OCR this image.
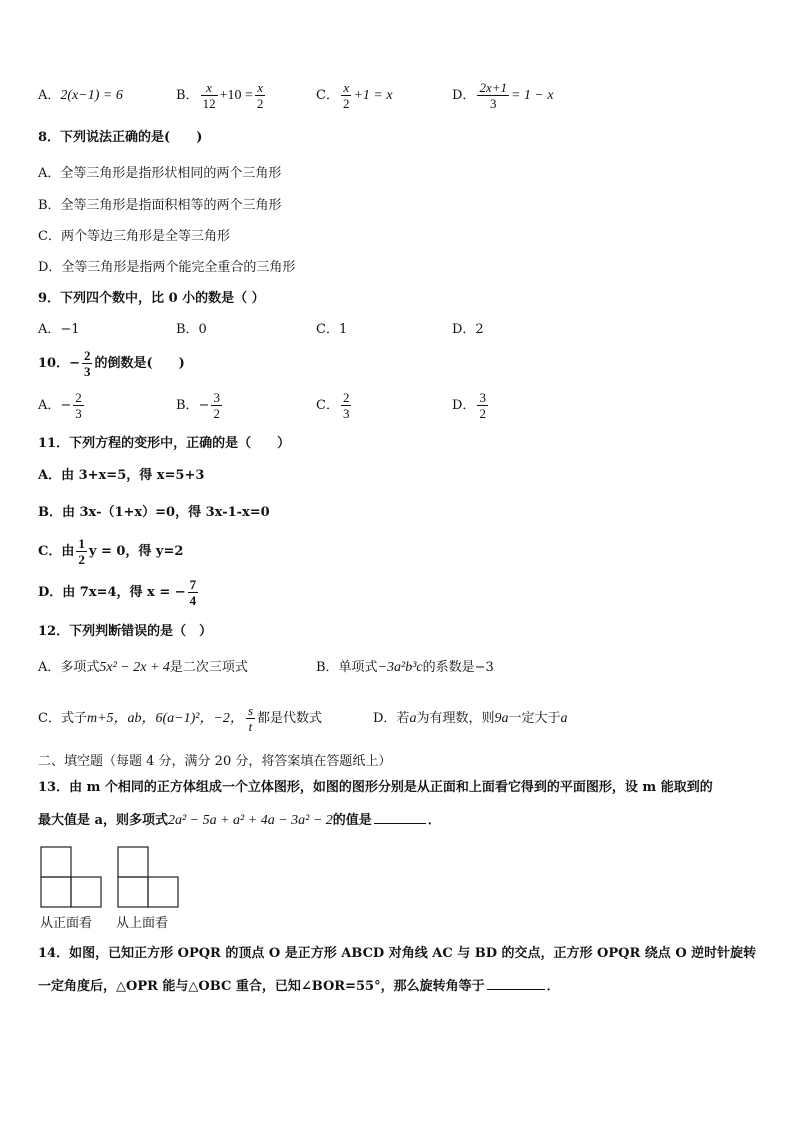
A．2(x−1) = 6	B． $\frac{x}{12} +10 = \frac{x}{2}$	C． $\frac{x}{2} +1 = x$	D． $\frac{2x+1}{3} = 1 - x$
8．下列说法正确的是(　　)
A．全等三角形是指形状相同的两个三角形
B．全等三角形是指面积相等的两个三角形
C．两个等边三角形是全等三角形
D．全等三角形是指两个能完全重合的三角形
9．下列四个数中，比 0 小的数是（ ）
A．−1	B．0	C．1	D．2
10．− $\frac{2}{3}$ 的倒数是(　　)
A．− $\frac{2}{3}$	B．− $\frac{3}{2}$	C． $\frac{2}{3}$	D． $\frac{3}{2}$
11．下列方程的变形中，正确的是（　　）
A．由 3+x=5，得 x=5+3
B．由 3x-（1+x）=0，得 3x-1-x=0
C．由 $\frac{1}{2}$ y = 0，得 y=2
D．由 7x=4，得 x = − $\frac{7}{4}$
12．下列判断错误的是（　）
A．多项式5x² − 2x + 4是二次三项式	B．单项式−3a²b³c的系数是−3
C．式子m+5，ab，6(a−1)²，−2， $\frac{s}{t}$ 都是代数式	D．若a为有理数，则9a一定大于a
二、填空题（每题 4 分，满分 20 分，将答案填在答题纸上）
13．由 m 个相同的正方体组成一个立体图形，如图的图形分别是从正面和上面看它得到的平面图形，设 m 能取到的
最大值是 a，则多项式2a² − 5a + a² + 4a − 3a² − 2的值是	．
从正面看 从上面看
14．如图，已知正方形 OPQR 的顶点 O 是正方形 ABCD 对角线 AC 与 BD 的交点，正方形 OPQR 绕点 O 逆时针旋转
一定角度后，△OPR 能与△OBC 重合，已知∠BOR=55°，那么旋转角等于	．
